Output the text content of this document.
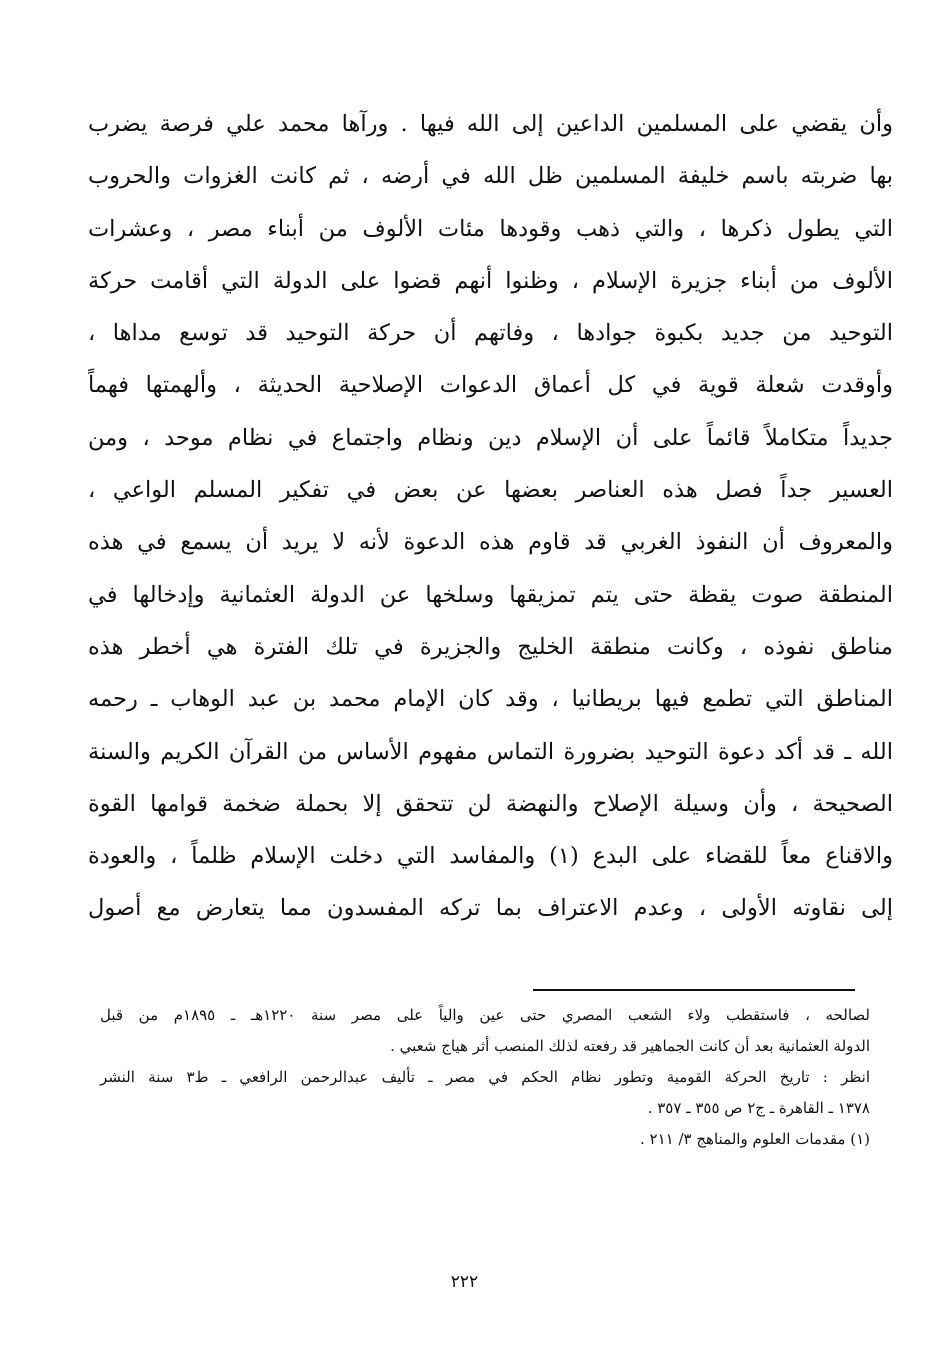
وأن يقضي على المسلمين الداعين إلى الله فيها . ورآها محمد علي فرصة يضرب
بها ضربته باسم خليفة المسلمين ظل الله في أرضه ، ثم كانت الغزوات والحروب
التي يطول ذكرها ، والتي ذهب وقودها مئات الألوف من أبناء مصر ، وعشرات
الألوف من أبناء جزيرة الإسلام ، وظنوا أنهم قضوا على الدولة التي أقامت حركة
التوحيد من جديد بكبوة جوادها ، وفاتهم أن حركة التوحيد قد توسع مداها ،
وأوقدت شعلة قوية في كل أعماق الدعوات الإصلاحية الحديثة ، وألهمتها فهماً
جديداً متكاملاً قائماً على أن الإسلام دين ونظام واجتماع في نظام موحد ، ومن
العسير جداً فصل هذه العناصر بعضها عن بعض في تفكير المسلم الواعي ،
والمعروف أن النفوذ الغربي قد قاوم هذه الدعوة لأنه لا يريد أن يسمع في هذه
المنطقة صوت يقظة حتى يتم تمزيقها وسلخها عن الدولة العثمانية وإدخالها في
مناطق نفوذه ، وكانت منطقة الخليج والجزيرة في تلك الفترة هي أخطر هذه
المناطق التي تطمع فيها بريطانيا ، وقد كان الإمام محمد بن عبد الوهاب ـ رحمه
الله ـ قد أكد دعوة التوحيد بضرورة التماس مفهوم الأساس من القرآن الكريم والسنة
الصحيحة ، وأن وسيلة الإصلاح والنهضة لن تتحقق إلا بحملة ضخمة قوامها القوة
والاقناع معاً للقضاء على البدع (١) والمفاسد التي دخلت الإسلام ظلماً ، والعودة
إلى نقاوته الأولى ، وعدم الاعتراف بما تركه المفسدون مما يتعارض مع أصول
لصالحه ، فاستقطب ولاء الشعب المصري حتى عين والياً على مصر سنة ١٢٢٠هـ ـ ١٨٩٥م من قبل
الدولة العثمانية بعد أن كانت الجماهير قد رفعته لذلك المنصب أثر هياج شعبي .
انظر : تاريخ الحركة القومية وتطور نظام الحكم في مصر ـ تأليف عبدالرحمن الرافعي ـ ط٣ سنة النشر
١٣٧٨ ـ القاهرة ـ ج٢ ص ٣٥٥ ـ ٣٥٧ .
(١) مقدمات العلوم والمناهج ٣/ ٢١١ .
٢٢٢
